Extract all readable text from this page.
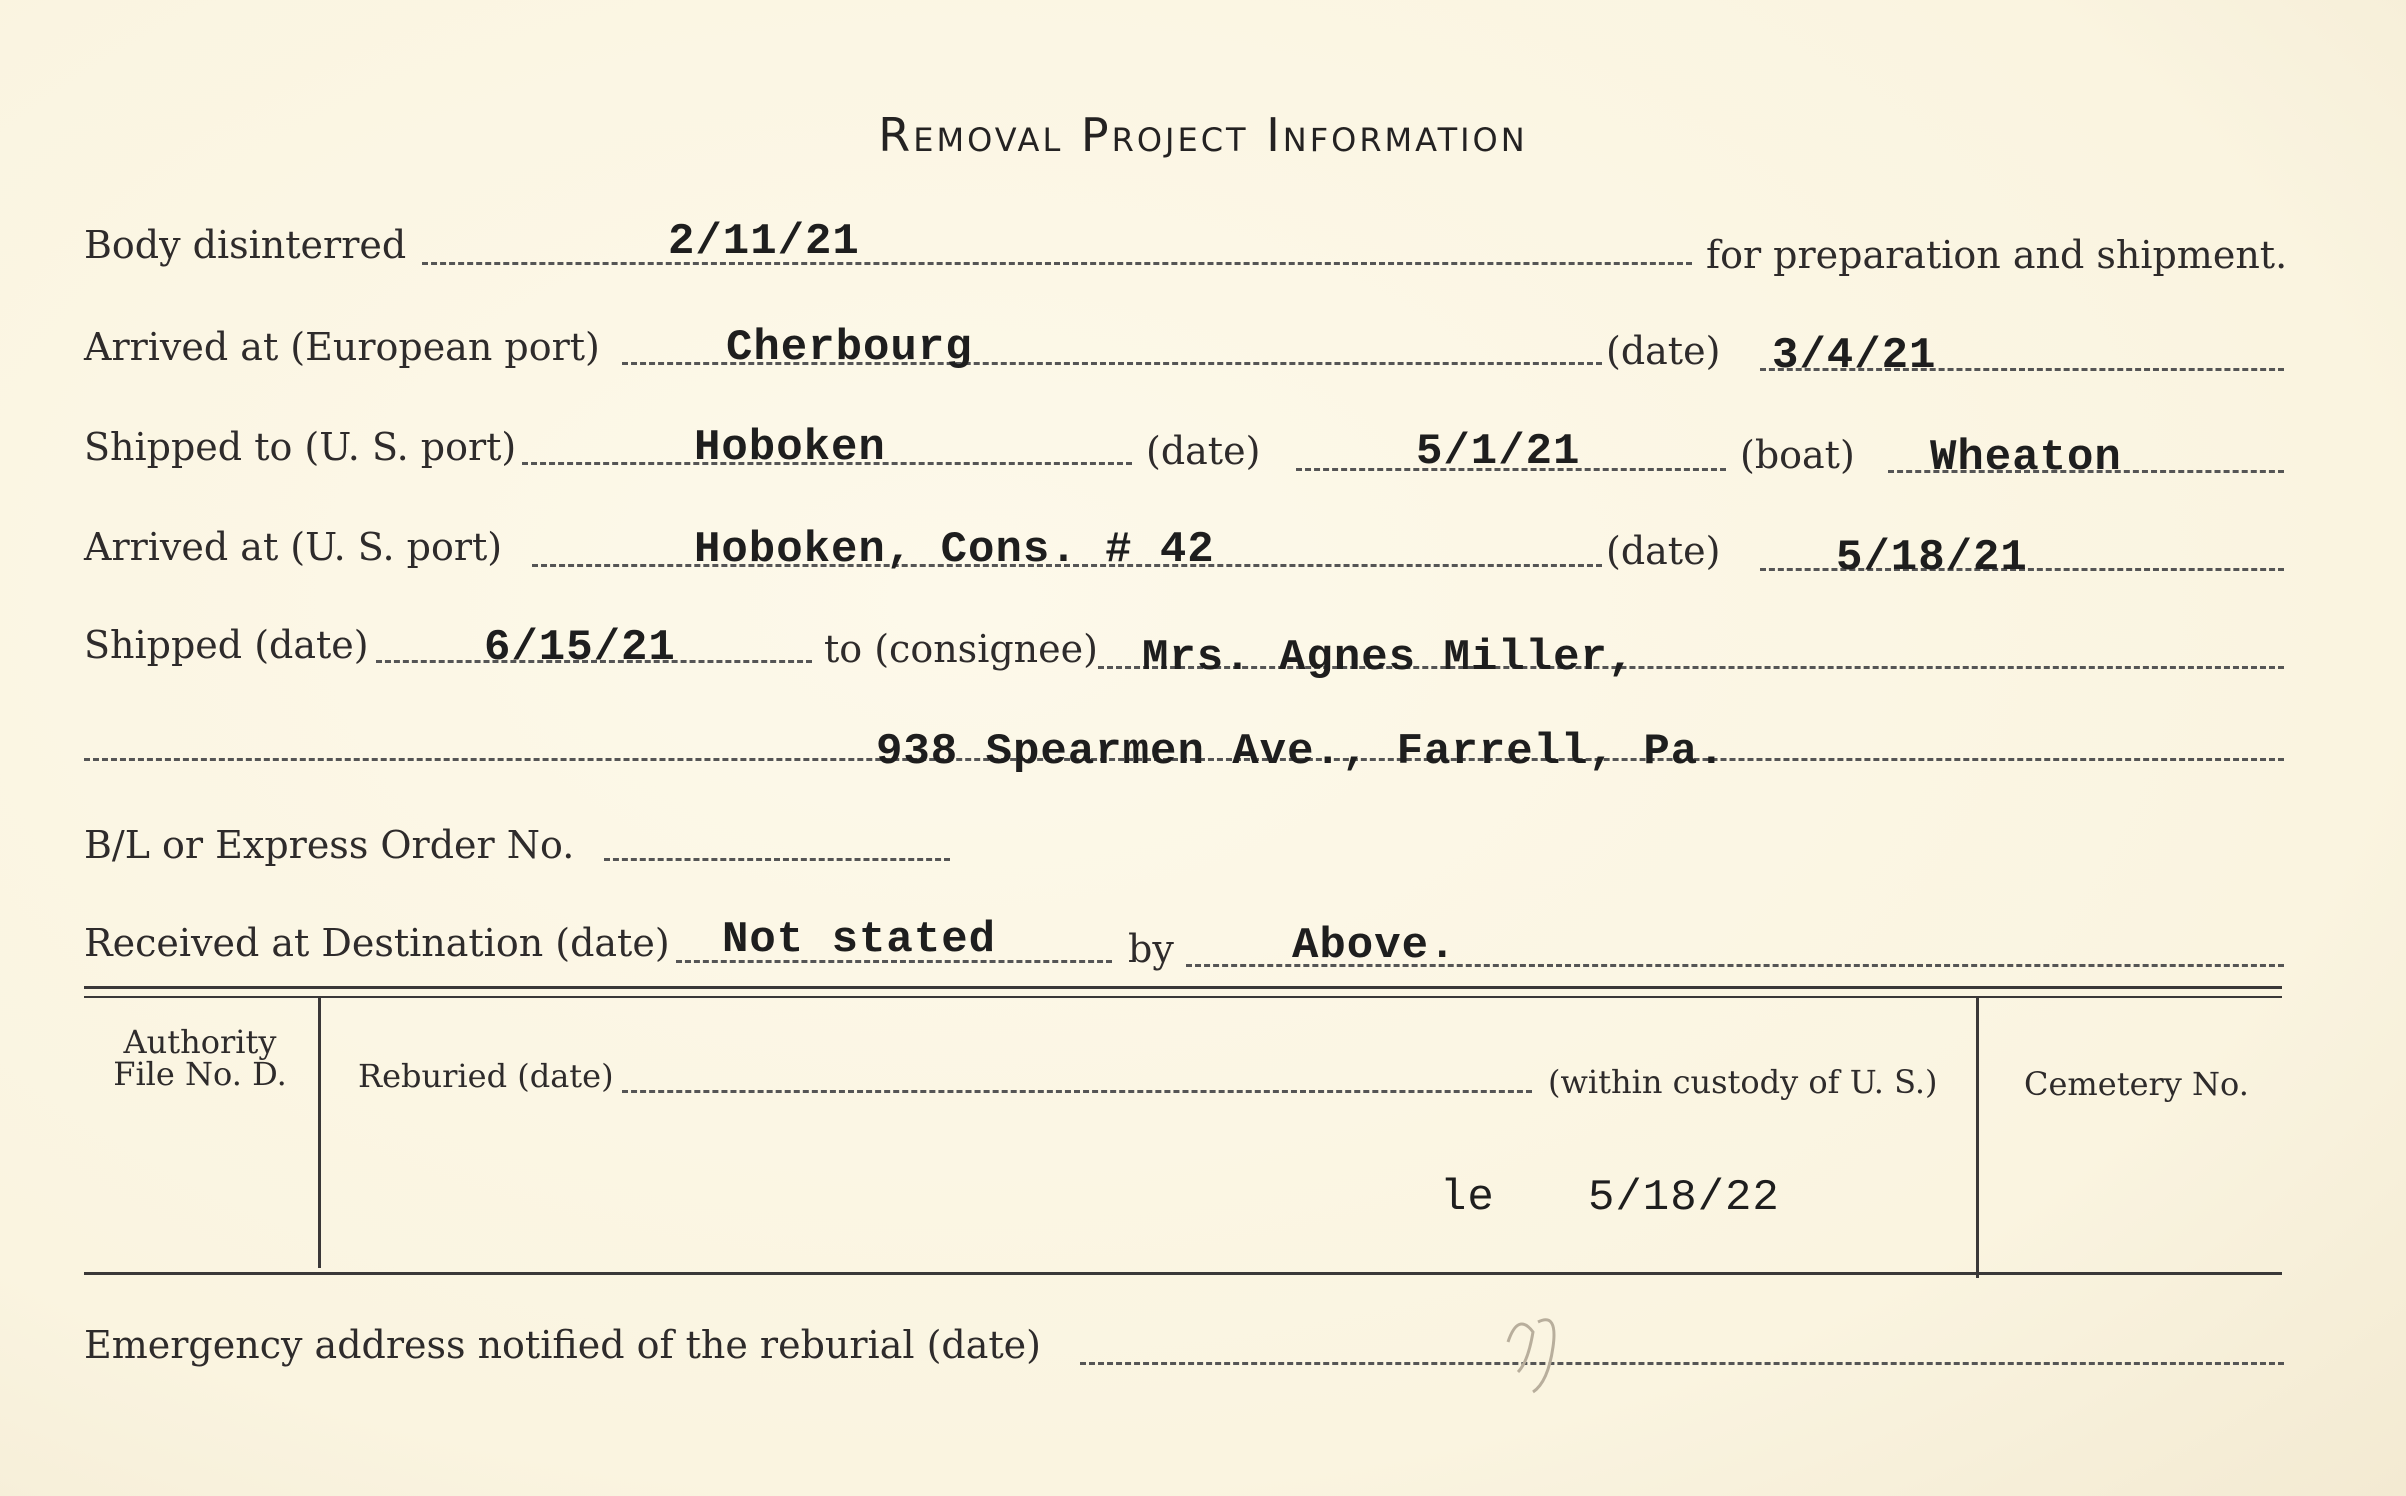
Removal Project Information
Body disinterred	2/11/21	for preparation and shipment.
Arrived at (European port)	Cherbourg	(date) 3/4/21
Shipped to (U. S. port)	Hoboken	(date)	5/1/21	(boat) Wheaton
Arrived at (U. S. port)	Hoboken, Cons. # 42	(date)	5/18/21
Shipped (date)	6/15/21	to (consignee) Mrs. Agnes Miller,
938 Spearmen Ave., Farrell, Pa.
B/L or Express Order No.
Received at Destination (date) Not stated	by	Above.
Authority
File No. D.	Reburied (date)	(within custody of U. S.)	Cemetery No.
le 5/18/22
Emergency address notified of the reburial (date)
